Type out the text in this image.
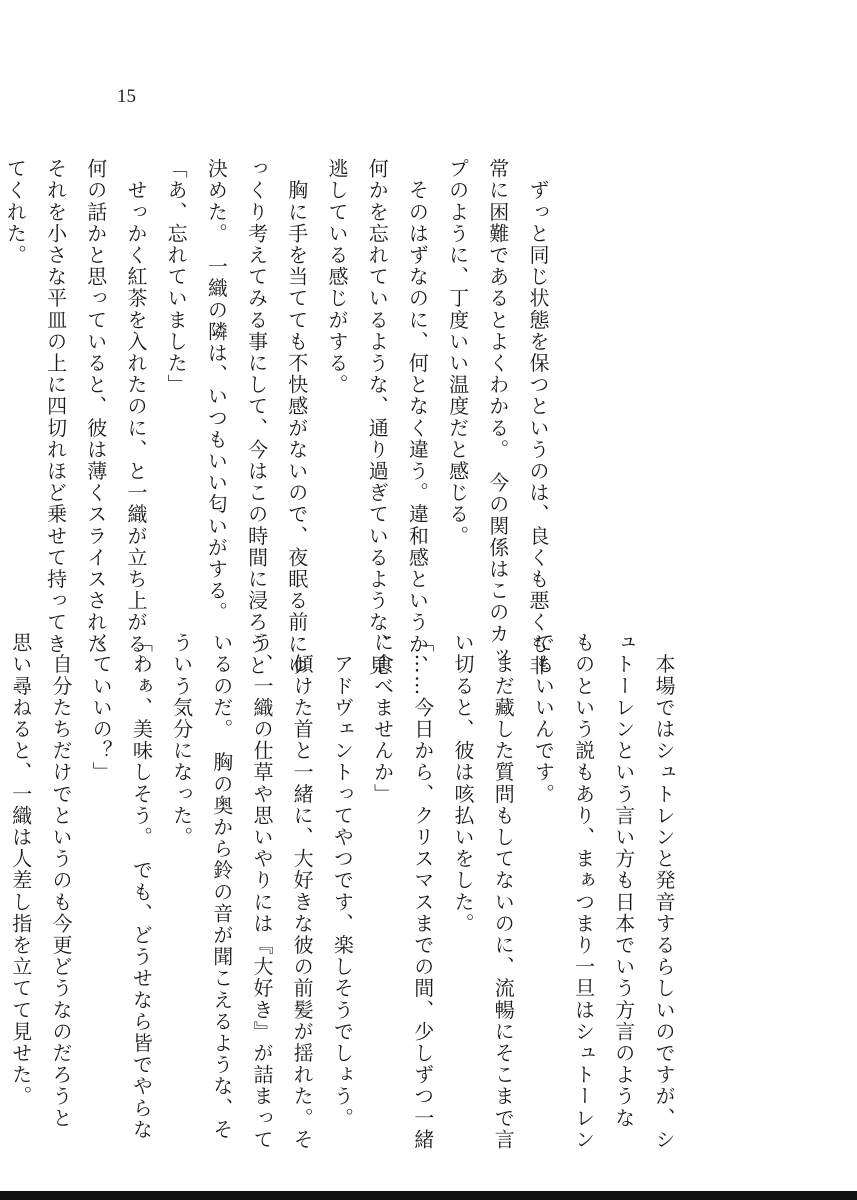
15
　ずっと同じ状態を保つというのは、良くも悪くも非
常に困難であるとよくわかる。　今の関係はこのカッ
プのように、丁度いい温度だと感じる。
　そのはずなのに、何となく違う。違和感というか、
何かを忘れているような、通り過ぎているような、見
逃している感じがする。
　胸に手を当てても不快感がないので、夜眠る前にゆ
っくり考えてみる事にして、今はこの時間に浸ろうと
決めた。　一織の隣は、いつもいい匂いがする。
「あ、忘れていました」
　せっかく紅茶を入れたのに、と一織が立ち上がる。
何の話かと思っていると、彼は薄くスライスされた
それを小さな平皿の上に四切れほど乗せて持ってき
てくれた。
　本場ではシュトレンと発音するらしいのですが、シ
ュトーレンという言い方も日本でいう方言のような
ものという説もあり、まぁつまり一旦はシュトーレン
でもいいんです。
　まだ藏した質問もしてないのに、流暢にそこまで言
い切ると、彼は咳払いをした。
「……今日から、クリスマスまでの間、少しずつ一緒
に食べませんか」
　アドヴェントってやつです、楽しそうでしょう。
　傾けた首と一緒に、大好きな彼の前髪が揺れた。そ
う、一織の仕草や思いやりには『大好き』が詰まって
いるのだ。　胸の奥から鈴の音が聞こえるような、そ
ういう気分になった。
「わぁ、美味しそう。　でも、どうせなら皆でやらな
くていいの？」
　自分たちだけでというのも今更どうなのだろうと
思い尋ねると、一織は人差し指を立てて見せた。
